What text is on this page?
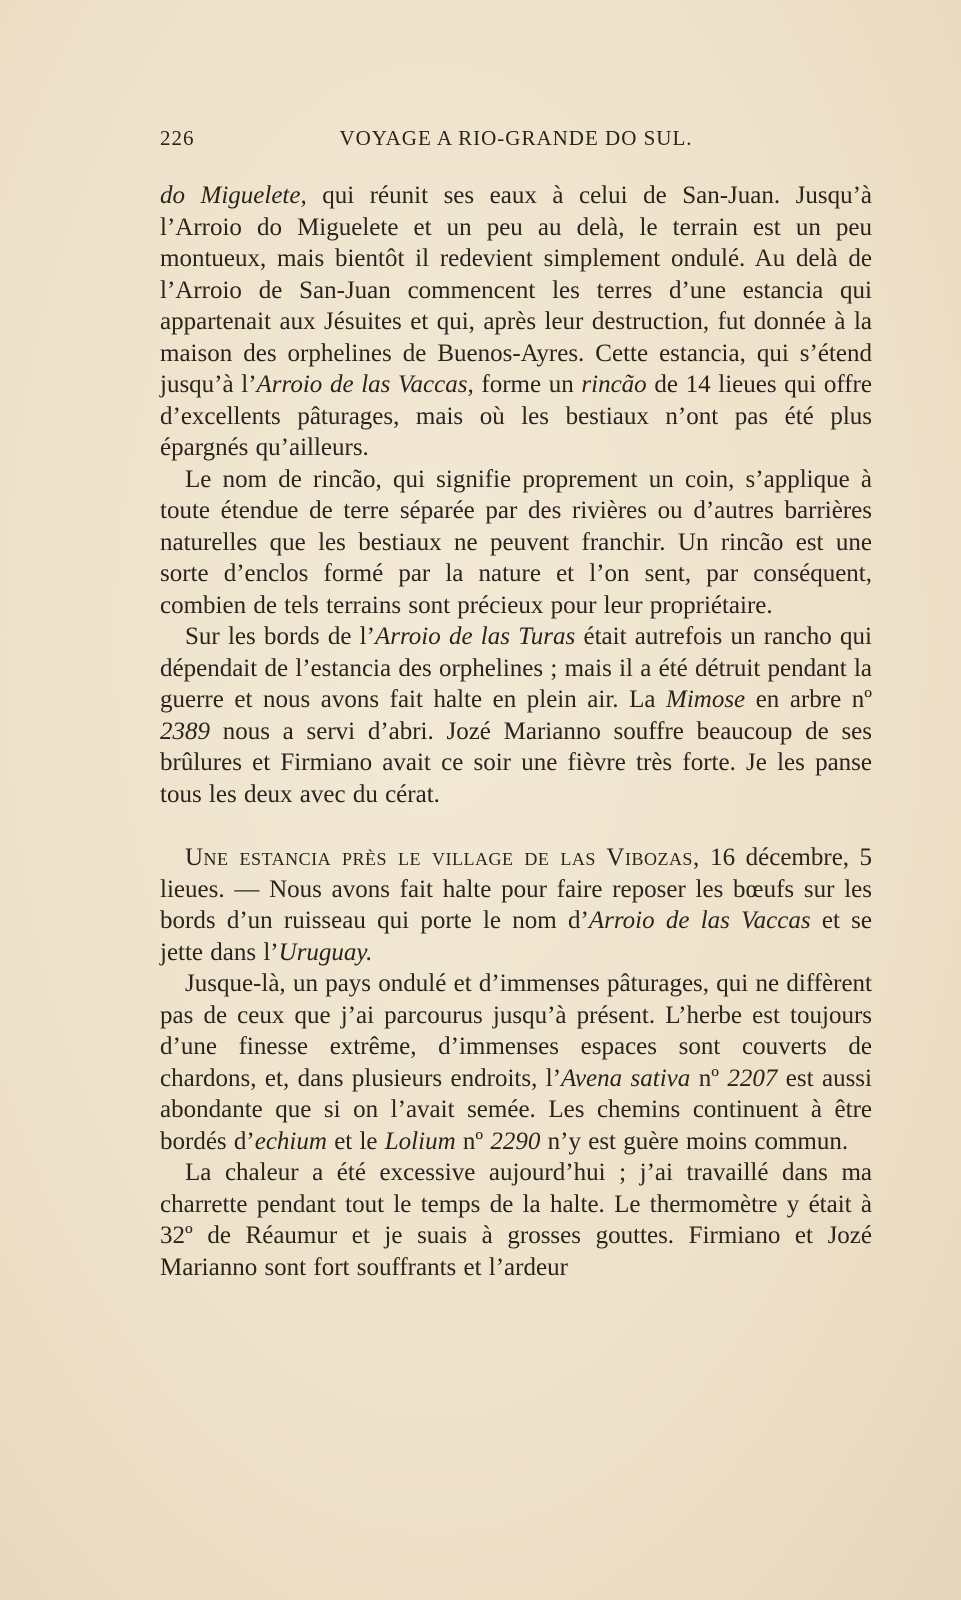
226	VOYAGE A RIO-GRANDE DO SUL.

do Miguelete, qui réunit ses eaux à celui de San-Juan. Jusqu’à l’Arroio do Miguelete et un peu au delà, le terrain est un peu montueux, mais bientôt il redevient simplement ondulé. Au delà de l’Arroio de San-Juan commencent les terres d’une estancia qui appartenait aux Jésuites et qui, après leur destruction, fut donnée à la maison des orphelines de Buenos-Ayres. Cette estancia, qui s’étend jusqu’à l’Arroio de las Vaccas, forme un rincão de 14 lieues qui offre d’excellents pâturages, mais où les bestiaux n’ont pas été plus épargnés qu’ailleurs.

Le nom de rincão, qui signifie proprement un coin, s’applique à toute étendue de terre séparée par des rivières ou d’autres barrières naturelles que les bestiaux ne peuvent franchir. Un rincão est une sorte d’enclos formé par la nature et l’on sent, par conséquent, combien de tels terrains sont précieux pour leur propriétaire.

Sur les bords de l’Arroio de las Turas était autrefois un rancho qui dépendait de l’estancia des orphelines ; mais il a été détruit pendant la guerre et nous avons fait halte en plein air. La Mimose en arbre nº 2389 nous a servi d’abri. Jozé Marianno souffre beaucoup de ses brûlures et Firmiano avait ce soir une fièvre très forte. Je les panse tous les deux avec du cérat.

Une estancia près le village de las Vibozas, 16 décembre, 5 lieues. — Nous avons fait halte pour faire reposer les bœufs sur les bords d’un ruisseau qui porte le nom d’Arroio de las Vaccas et se jette dans l’Uruguay.

Jusque-là, un pays ondulé et d’immenses pâturages, qui ne diffèrent pas de ceux que j’ai parcourus jusqu’à présent. L’herbe est toujours d’une finesse extrême, d’immenses espaces sont couverts de chardons, et, dans plusieurs endroits, l’Avena sativa nº 2207 est aussi abondante que si on l’avait semée. Les chemins continuent à être bordés d’echium et le Lolium nº 2290 n’y est guère moins commun.

La chaleur a été excessive aujourd’hui ; j’ai travaillé dans ma charrette pendant tout le temps de la halte. Le thermomètre y était à 32º de Réaumur et je suais à grosses gouttes. Firmiano et Jozé Marianno sont fort souffrants et l’ardeur
